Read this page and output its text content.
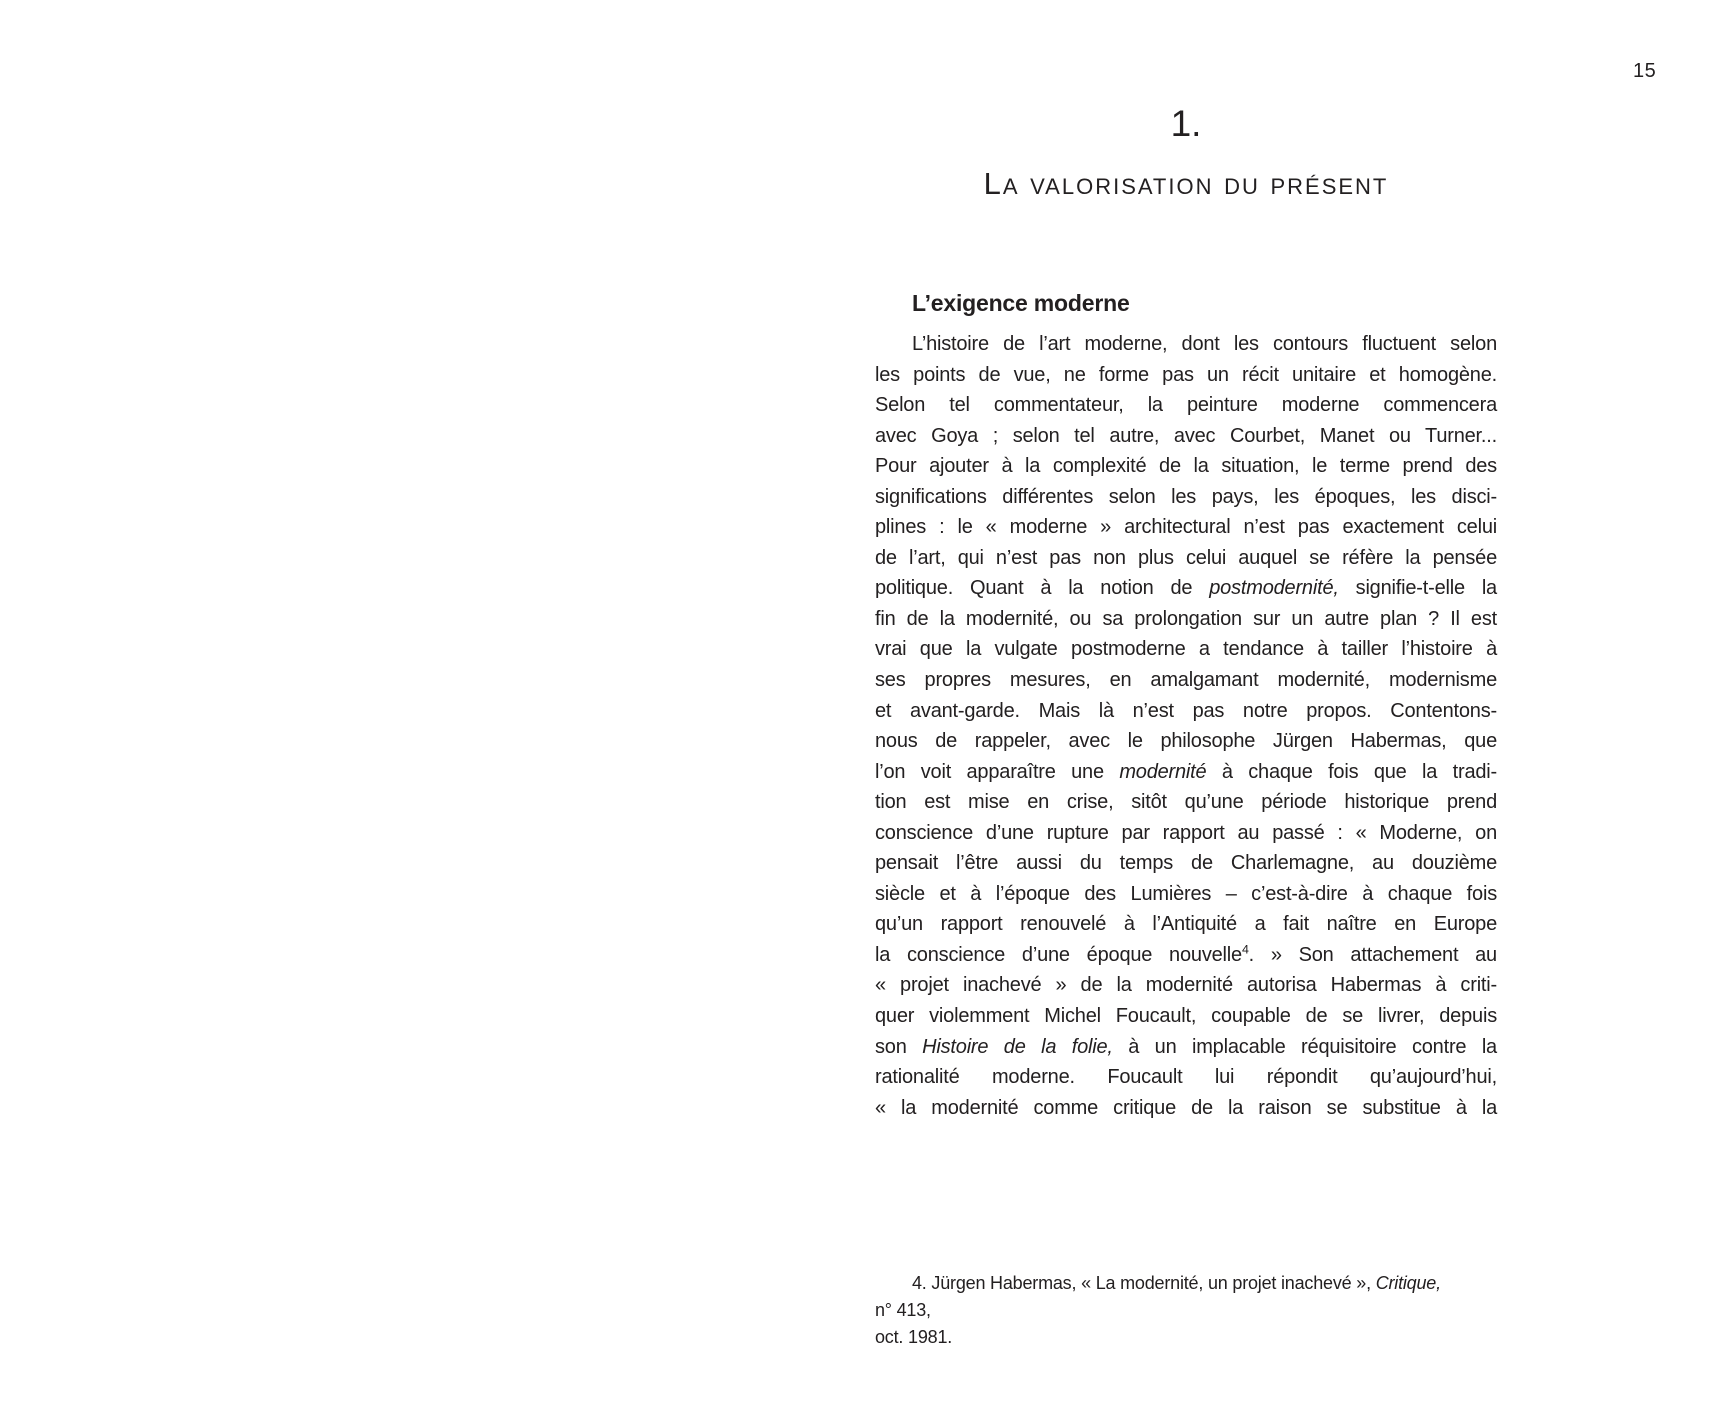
15
1.
La valorisation du présent
L’exigence moderne
L’histoire de l’art moderne, dont les contours fluctuent selon
les points de vue, ne forme pas un récit unitaire et homogène.
Selon tel commentateur, la peinture moderne commencera
avec Goya ; selon tel autre, avec Courbet, Manet ou Turner...
Pour ajouter à la complexité de la situation, le terme prend des
significations différentes selon les pays, les époques, les disci-
plines : le « moderne » architectural n’est pas exactement celui
de l’art, qui n’est pas non plus celui auquel se réfère la pensée
politique. Quant à la notion de postmodernité, signifie-t-elle la
fin de la modernité, ou sa prolongation sur un autre plan ? Il est
vrai que la vulgate postmoderne a tendance à tailler l’histoire à
ses propres mesures, en amalgamant modernité, modernisme
et avant-garde. Mais là n’est pas notre propos. Contentons-
nous de rappeler, avec le philosophe Jürgen Habermas, que
l’on voit apparaître une modernité à chaque fois que la tradi-
tion est mise en crise, sitôt qu’une période historique prend
conscience d’une rupture par rapport au passé : « Moderne, on
pensait l’être aussi du temps de Charlemagne, au douzième
siècle et à l’époque des Lumières – c’est-à-dire à chaque fois
qu’un rapport renouvelé à l’Antiquité a fait naître en Europe
la conscience d’une époque nouvelle$^4$. » Son attachement au
« projet inachevé » de la modernité autorisa Habermas à criti-
quer violemment Michel Foucault, coupable de se livrer, depuis
son Histoire de la folie, à un implacable réquisitoire contre la
rationalité moderne. Foucault lui répondit qu’aujourd’hui,
« la modernité comme critique de la raison se substitue à la
4. Jürgen Habermas, « La modernité, un projet inachevé », Critique, n° 413,
oct. 1981.
